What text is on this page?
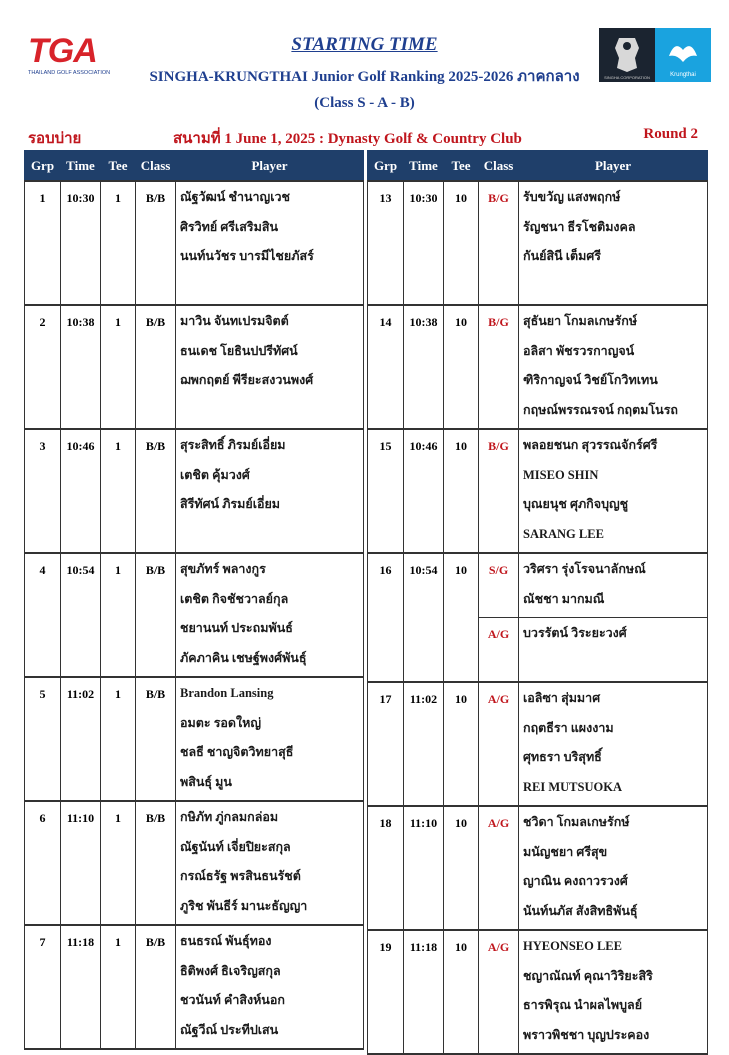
TGA
THAILAND GOLF ASSOCIATION
STARTING TIME
SINGHA-KRUNGTHAI Junior Golf Ranking 2025-2026 ภาคกลาง
(Class S - A - B)
SINGHA CORPORATION	Krungthai
รอบบ่าย	สนามที่ 1 June 1, 2025 : Dynasty Golf & Country Club	Round 2
Grp	Time	Tee	Class	Player
1	10:30	1	B/B	ณัฐวัฒน์ ชำนาญเวช
ศิรวิทย์ ศรีเสริมสิน
นนท์นวัชร บารมีไชยภัสร์

2	10:38	1	B/B	มาวิน จันทเปรมจิตต์
ธนเดช โยธินปปรีทัศน์
ฌพกฤตย์ พีรียะสงวนพงศ์

3	10:46	1	B/B	สุระสิทธิ์ ภิรมย์เอี่ยม
เตชิต คุ้มวงศ์
สิรีทัศน์ ภิรมย์เอี่ยม

4	10:54	1	B/B	สุขภัทร์ พลางกูร
เตชิต กิจชัชวาลย์กุล
ชยานนท์ ประถมพันธ์
ภัคภาคิน เชษฐ์พงศ์พันธุ์

5	11:02	1	B/B	Brandon Lansing
อมตะ รอดใหญ่
ชลธี ชาญจิตวิทยาสุธี
พสินธุ์ มูน

6	11:10	1	B/B	กษิภัท ภู่กลมกล่อม
ณัฐนันท์ เจี่ยปิยะสกุล
กรณ์ธรัฐ พรสินธนรัชต์
ภูริช พันธีร์ มานะธัญญา

7	11:18	1	B/B	ธนธรณ์ พันธุ์ทอง
ธิติพงศ์ ธิเจริญสกุล
ชวนันท์ คำสิงห์นอก
ณัฐวีณ์ ประทีปเสน
Grp	Time	Tee	Class	Player
13	10:30	10	B/G	รับขวัญ แสงพฤกษ์
รัญชนา ธีรโชติมงคล
กันย์สินี เต็มศรี

14	10:38	10	B/G	สุธันยา โกมลเกษรักษ์
อลิสา พัชรวรกาญจน์
ฑิริกาญจน์ วิชย์โกวิทเทน
กฤษณ์พรรณรจน์ กฤตมโนรถ

15	10:46	10	B/G	พลอยชนก สุวรรณจักร์ศรี
MISEO SHIN
บุณยนุช ศุภกิจบุญชู
SARANG LEE

16	10:54	10	S/G	วริศรา รุ่งโรจนาลักษณ์
ณัชชา มากมณี

			A/G	บวรรัตน์ วิระยะวงศ์

17	11:02	10	A/G	เอลิซา สุ่มมาศ
กฤตธีรา แผงงาม
ศุทธรา บริสุทธิ์
REI MUTSUOKA

18	11:10	10	A/G	ชวิดา โกมลเกษรักษ์
มนัญชยา ศรีสุข
ญาณิน คงถาวรวงศ์
นันท์นภัส สังสิทธิพันธุ์

19	11:18	10	A/G	HYEONSEO LEE
ชญาณัณท์ คุณาวิริยะสิริ
ธารพิรุณ นำผลไพบูลย์
พราวพิชชา บุญประคอง
